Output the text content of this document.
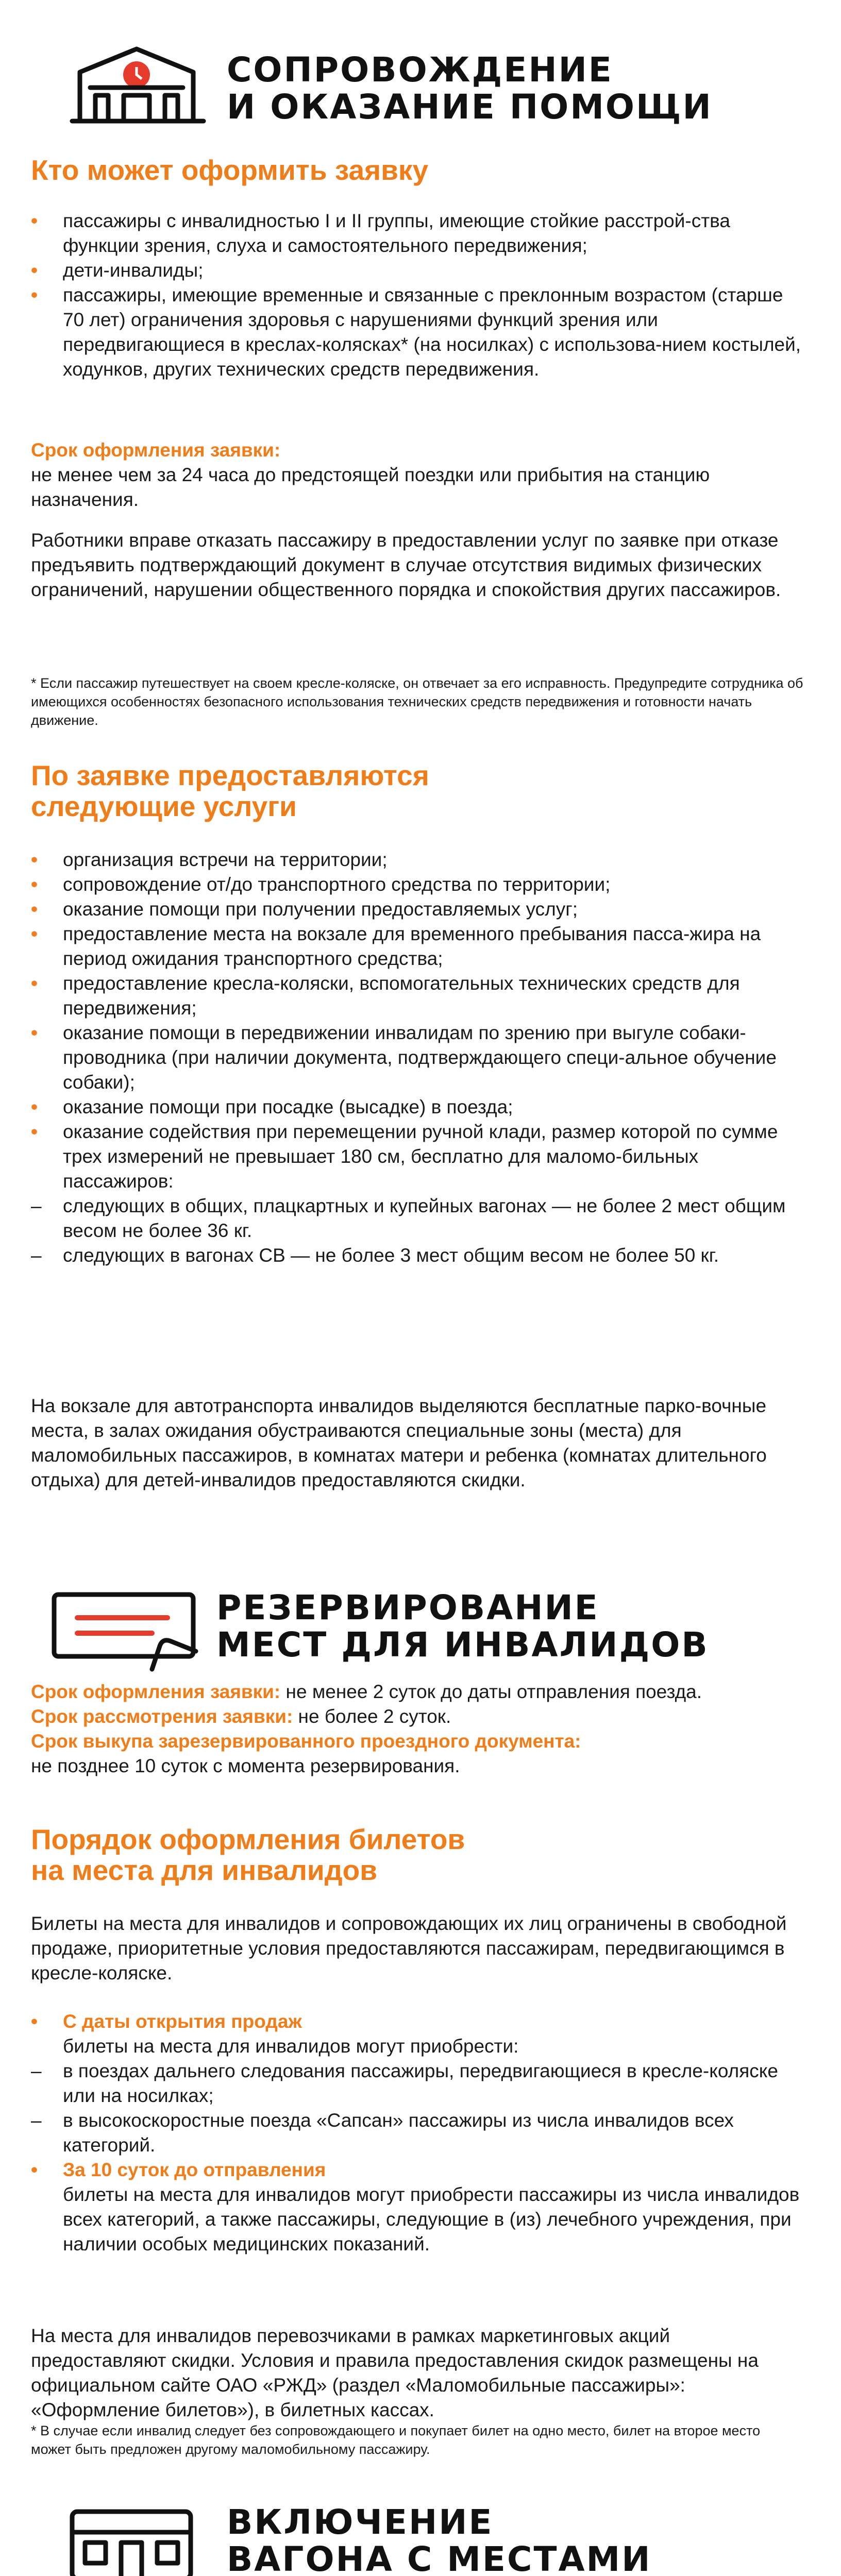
СОПРОВОЖДЕНИЕ
И ОКАЗАНИЕ ПОМОЩИ
Кто может оформить заявку
• пассажиры с инвалидностью I и II группы, имеющие стойкие расстрой-ства функции зрения, слуха и самостоятельного передвижения;
• дети-инвалиды;
• пассажиры, имеющие временные и связанные с преклонным возрастом (старше 70 лет) ограничения здоровья с нарушениями функций зрения или передвигающиеся в креслах-колясках* (на носилках) с использова-нием костылей, ходунков, других технических средств передвижения.
Срок оформления заявки:
не менее чем за 24 часа до предстоящей поездки или прибытия на станцию назначения.
Работники вправе отказать пассажиру в предоставлении услуг по заявке при отказе предъявить подтверждающий документ в случае отсутствия видимых физических ограничений, нарушении общественного порядка и спокойствия других пассажиров.
* Если пассажир путешествует на своем кресле-коляске, он отвечает за его исправность. Предупредите сотрудника об имеющихся особенностях безопасного использования технических средств передвижения и готовности начать движение.
По заявке предоставляются
следующие услуги
• организация встречи на территории;
• сопровождение от/до транспортного средства по территории;
• оказание помощи при получении предоставляемых услуг;
• предоставление места на вокзале для временного пребывания пасса-жира на период ожидания транспортного средства;
• предоставление кресла-коляски, вспомогательных технических средств для передвижения;
• оказание помощи в передвижении инвалидам по зрению при выгуле собаки-проводника (при наличии документа, подтверждающего специ-альное обучение собаки);
• оказание помощи при посадке (высадке) в поезда;
• оказание содействия при перемещении ручной клади, размер которой по сумме трех измерений не превышает 180 см, бесплатно для маломо-бильных пассажиров:
– следующих в общих, плацкартных и купейных вагонах — не более 2 мест общим весом не более 36 кг.
– следующих в вагонах СВ — не более 3 мест общим весом не более 50 кг.
На вокзале для автотранспорта инвалидов выделяются бесплатные парко-вочные места, в залах ожидания обустраиваются специальные зоны (места) для маломобильных пассажиров, в комнатах матери и ребенка (комнатах длительного отдыха) для детей-инвалидов предоставляются скидки.
РЕЗЕРВИРОВАНИЕ
МЕСТ ДЛЯ ИНВАЛИДОВ
Срок оформления заявки: не менее 2 суток до даты отправления поезда.
Срок рассмотрения заявки: не более 2 суток.
Срок выкупа зарезервированного проездного документа:
не позднее 10 суток с момента резервирования.
Порядок оформления билетов
на места для инвалидов
Билеты на места для инвалидов и сопровождающих их лиц ограничены в свободной продаже, приоритетные условия предоставляются пассажирам, передвигающимся в кресле-коляске.
• С даты открытия продаж
билеты на места для инвалидов могут приобрести:
– в поездах дальнего следования пассажиры, передвигающиеся в кресле-коляске или на носилках;
– в высокоскоростные поезда «Сапсан» пассажиры из числа инвалидов всех категорий.
• За 10 суток до отправления
билеты на места для инвалидов могут приобрести пассажиры из числа инвалидов всех категорий, а также пассажиры, следующие в (из) лечебного учреждения, при наличии особых медицинских показаний.
На места для инвалидов перевозчиками в рамках маркетинговых акций предоставляют скидки. Условия и правила предоставления скидок размещены на официальном сайте ОАО «РЖД» (раздел «Маломобильные пассажиры»: «Оформление билетов»), в билетных кассах.
* В случае если инвалид следует без сопровождающего и покупает билет на одно место, билет на второе место может быть предложен другому маломобильному пассажиру.
ВКЛЮЧЕНИЕ
ВАГОНА С МЕСТАМИ
